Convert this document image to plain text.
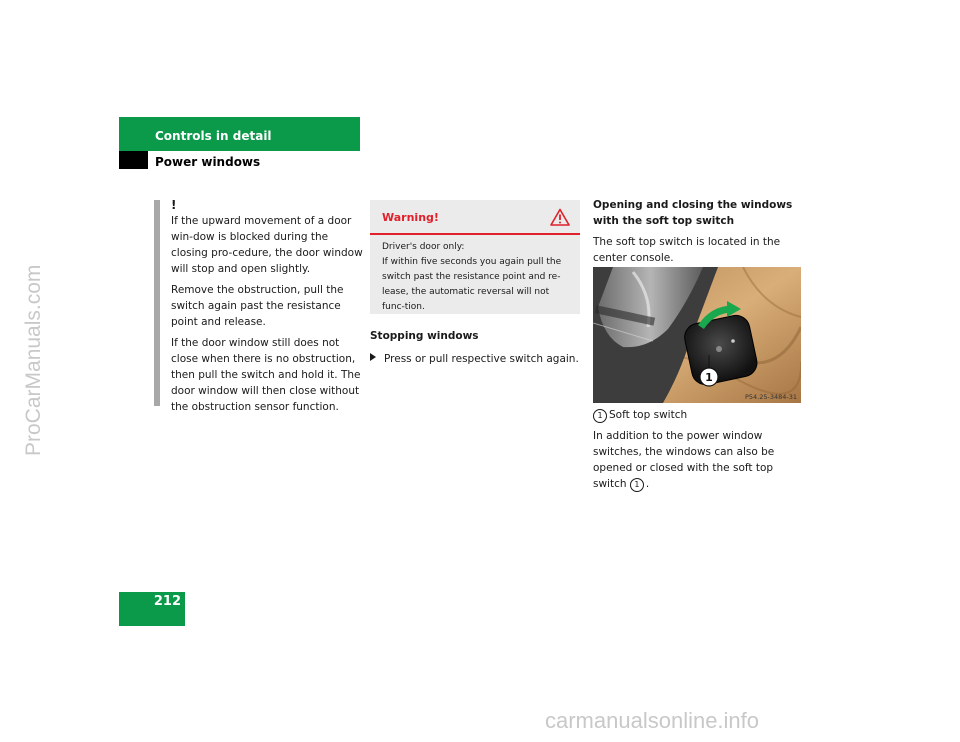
ProCarManuals.com
Controls in detail
Power windows
!

If the upward movement of a door win-dow is blocked during the closing pro-cedure, the door window will stop and open slightly.

Remove the obstruction, pull the switch again past the resistance point and release.

If the door window still does not close when there is no obstruction, then pull the switch and hold it. The door window will then close without the obstruction sensor function.

Warning!
Driver's door only:
If within five seconds you again pull the switch past the resistance point and re-lease, the automatic reversal will not func-tion.
Stopping windows
Press or pull respective switch again.
Opening and closing the windows with the soft top switch

The soft top switch is located in the center console.

1
P54.25-3484-31
1 Soft top switch
In addition to the power window switches, the windows can also be opened or closed with the soft top switch 1 .
212
carmanualsonline.info
